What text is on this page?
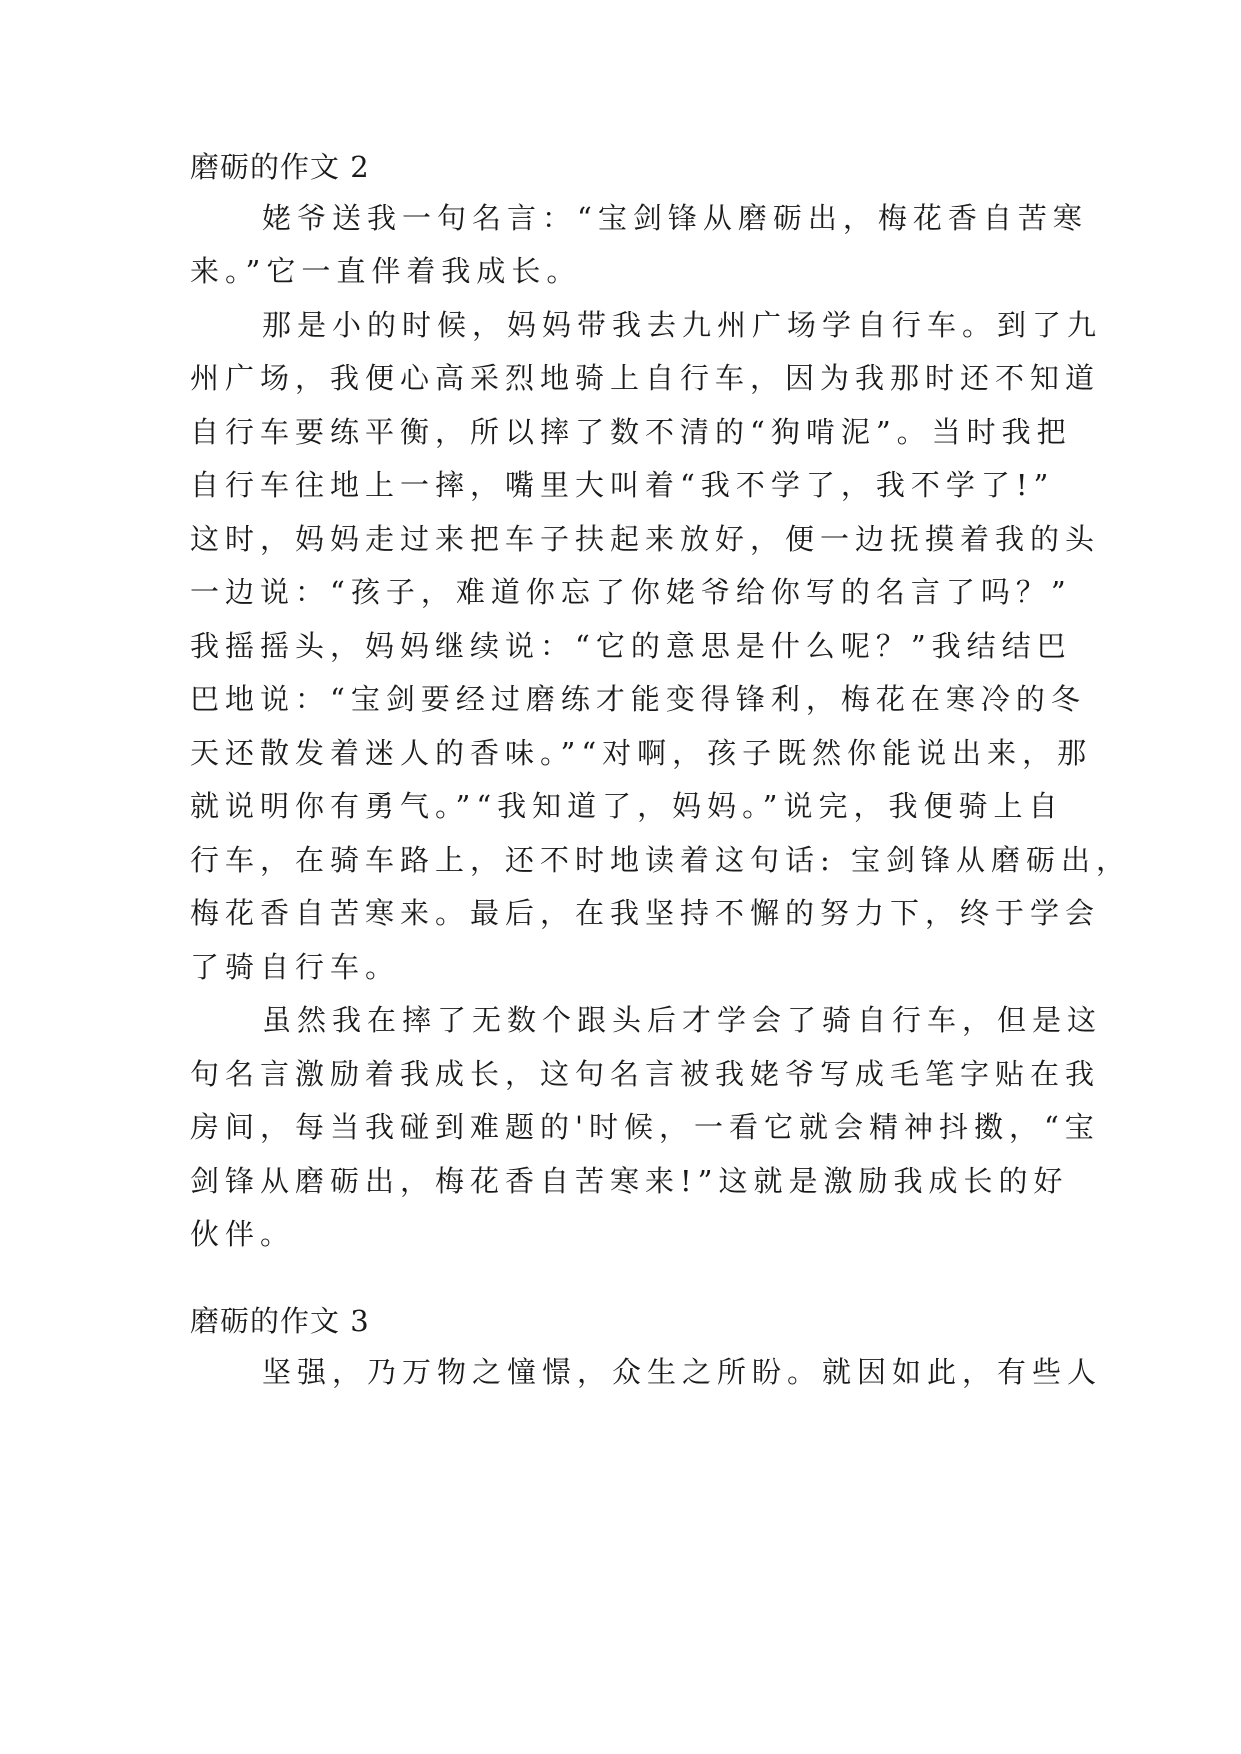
磨砺的作文 2
姥爷送我一句名言：“宝剑锋从磨砺出，梅花香自苦寒
来。”它一直伴着我成长。
那是小的时候，妈妈带我去九州广场学自行车。到了九
州广场，我便心高采烈地骑上自行车，因为我那时还不知道
自行车要练平衡，所以摔了数不清的“狗啃泥”。当时我把
自行车往地上一摔，嘴里大叫着“我不学了，我不学了!”
这时，妈妈走过来把车子扶起来放好，便一边抚摸着我的头
一边说：“孩子，难道你忘了你姥爷给你写的名言了吗？”
我摇摇头，妈妈继续说：“它的意思是什么呢？”我结结巴
巴地说：“宝剑要经过磨练才能变得锋利，梅花在寒冷的冬
天还散发着迷人的香味。”“对啊，孩子既然你能说出来，那
就说明你有勇气。”“我知道了，妈妈。”说完，我便骑上自
行车，在骑车路上，还不时地读着这句话: 宝剑锋从磨砺出，
梅花香自苦寒来。最后，在我坚持不懈的努力下，终于学会
了骑自行车。
虽然我在摔了无数个跟头后才学会了骑自行车，但是这
句名言激励着我成长，这句名言被我姥爷写成毛笔字贴在我
房间，每当我碰到难题的'时候，一看它就会精神抖擞，“宝
剑锋从磨砺出，梅花香自苦寒来!”这就是激励我成长的好
伙伴。
磨砺的作文 3
坚强，乃万物之憧憬，众生之所盼。就因如此，有些人
